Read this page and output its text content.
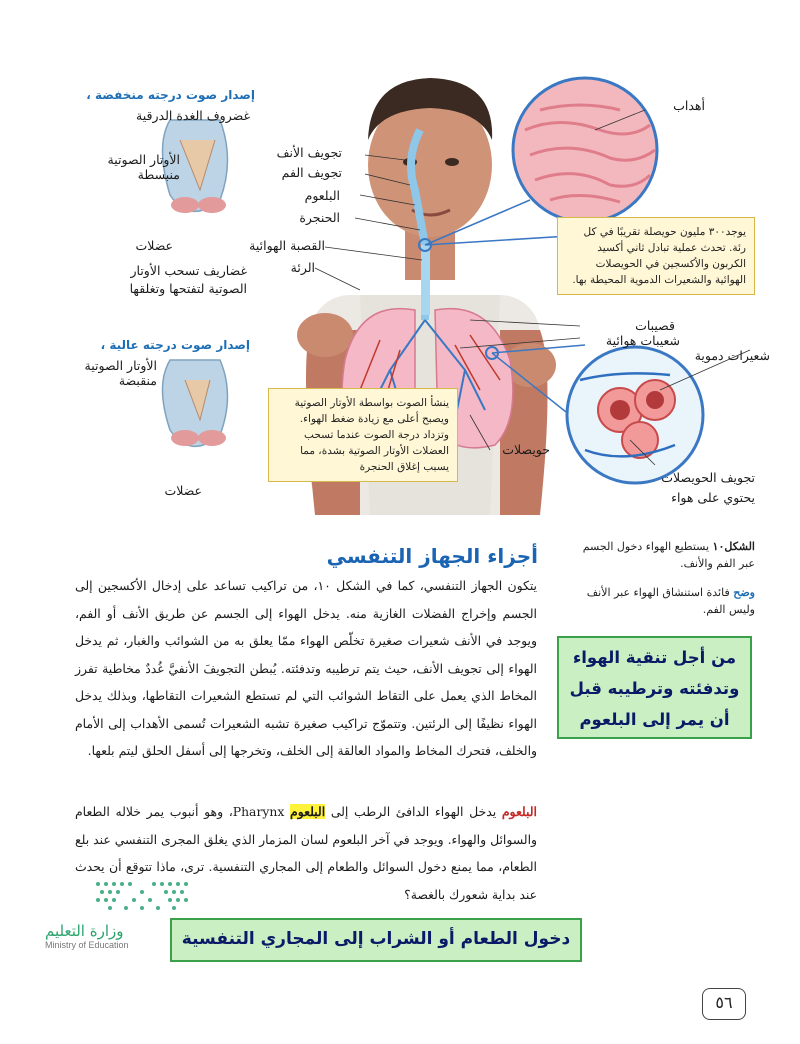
إصدار صوت درجته منخفضة ،
غضروف الغدة الدرقية
الأوتار الصوتية منبسطة
عضلات
غضاريف تسحب الأوتار الصوتية لتفتحها وتغلقها
إصدار صوت درجته عالية ،
الأوتار الصوتية منقبضة
عضلات
تجويف الأنف
تجويف الفم
البلعوم
الحنجرة
القصبة الهوائية
الرئة
قصيبات
شعيبات هوائية
حويصلات
أهداب
شعيرات دموية
تجويف الحويصلات يحتوي على هواء
يوجد٣٠٠ مليون حويصلة تقريبًا في كل رئة. تحدث عملية تبادل ثاني أكسيد الكربون والأكسجين في الحويصلات الهوائية والشعيرات الدموية المحيطة بها.
ينشأ الصوت بواسطة الأوتار الصوتية ويصبح أعلى مع زيادة ضغط الهواء. وتزداد درجة الصوت عندما تسحب العضلات الأوتار الصوتية بشدة، مما يسبب إغلاق الحنجرة
الشكل١٠ يستطيع الهواء دخول الجسم عبر الفم والأنف.
وضح فائدة استنشاق الهواء عبر الأنف وليس الفم.
من أجل تنقية الهواء وتدفئته وترطيبه قبل أن يمر إلى البلعوم
أجزاء الجهاز التنفسي

يتكون الجهاز التنفسي، كما في الشكل ١٠، من تراكيب تساعد على إدخال الأكسجين إلى الجسم وإخراج الفضلات الغازية منه. يدخل الهواء إلى الجسم عن طريق الأنف أو الفم، ويوجد في الأنف شعيرات صغيرة تخلّص الهواء ممّا يعلق به من الشوائب والغبار، ثم يدخل الهواء إلى تجويف الأنف، حيث يتم ترطيبه وتدفئته. يُبطن التجويفَ الأنفيَّ غُددٌ مخاطية تفرز المخاط الذي يعمل على التقاط الشوائب التي لم تستطع الشعيرات التقاطها، وبذلك يدخل الهواء نظيفًا إلى الرئتين. وتتموّج تراكيب صغيرة تشبه الشعيرات تُسمى الأهداب إلى الأمام والخلف، فتحرك المخاط والمواد العالقة إلى الخلف، وتخرجها إلى أسفل الحلق ليتم بلعها.

البلعوم يدخل الهواء الدافئ الرطب إلى البلعوم Pharynx، وهو أنبوب يمر خلاله الطعام والسوائل والهواء. ويوجد في آخر البلعوم لسان المزمار الذي يغلق المجرى التنفسي عند بلع الطعام، مما يمنع دخول السوائل والطعام إلى المجاري التنفسية. ترى، ماذا تتوقع أن يحدث عند بداية شعورك بالغصة؟

وزارة التعليم
Ministry of Education	دخول الطعام أو الشراب إلى المجاري التنفسية
٥٦
